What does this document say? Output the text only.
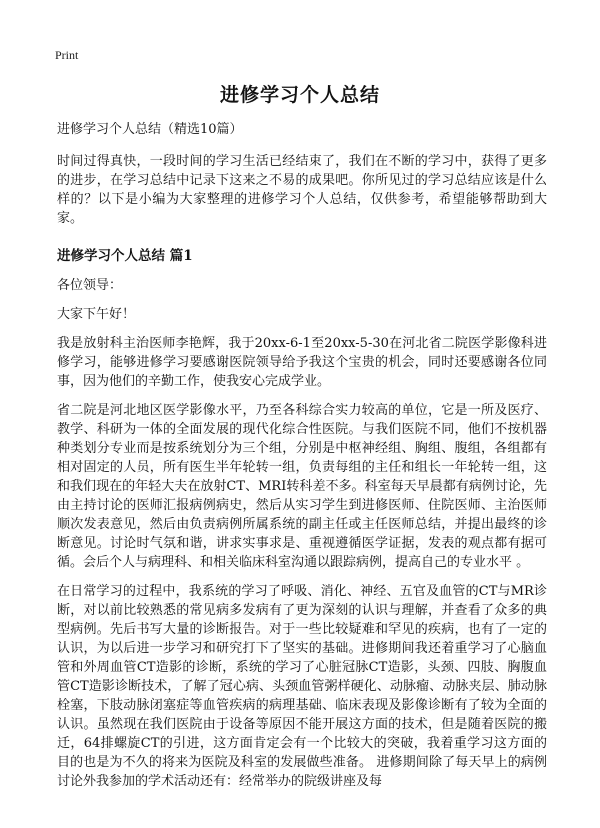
Print
进修学习个人总结

进修学习个人总结（精选10篇）

时间过得真快，一段时间的学习生活已经结束了，我们在不断的学习中，获得了更多的进步，在学习总结中记录下这来之不易的成果吧。你所见过的学习总结应该是什么样的？以下是小编为大家整理的进修学习个人总结，仅供参考，希望能够帮助到大家。

进修学习个人总结 篇1

各位领导：

大家下午好！

我是放射科主治医师李艳辉，我于20xx-6-1至20xx-5-30在河北省二院医学影像科进修学习，能够进修学习要感谢医院领导给予我这个宝贵的机会，同时还要感谢各位同事，因为他们的辛勤工作，使我安心完成学业。

省二院是河北地区医学影像水平，乃至各科综合实力较高的单位，它是一所及医疗、教学、科研为一体的全面发展的现代化综合性医院。与我们医院不同，他们不按机器种类划分专业而是按系统划分为三个组，分别是中枢神经组、胸组、腹组，各组都有相对固定的人员，所有医生半年轮转一组，负责每组的主任和组长一年轮转一组，这和我们现在的年轻大夫在放射CT、MRI转科差不多。科室每天早晨都有病例讨论，先由主持讨论的医师汇报病例病史，然后从实习学生到进修医师、住院医师、主治医师顺次发表意见，然后由负责病例所属系统的副主任或主任医师总结，并提出最终的诊断意见。讨论时气氛和谐，讲求实事求是、重视遵循医学证据，发表的观点都有据可循。会后个人与病理科、和相关临床科室沟通以跟踪病例，提高自己的专业水平 。

在日常学习的过程中，我系统的学习了呼吸、消化、神经、五官及血管的CT与MR诊断，对以前比较熟悉的常见病多发病有了更为深刻的认识与理解，并查看了众多的典型病例。先后书写大量的诊断报告。对于一些比较疑难和罕见的疾病，也有了一定的认识，为以后进一步学习和研究打下了坚实的基础。进修期间我还着重学习了心脑血管和外周血管CT造影的诊断，系统的学习了心脏冠脉CT造影，头颈、四肢、胸腹血管CT造影诊断技术，了解了冠心病、头颈血管粥样硬化、动脉瘤、动脉夹层、肺动脉栓塞，下肢动脉闭塞症等血管疾病的病理基础、临床表现及影像诊断有了较为全面的认识。虽然现在我们医院由于设备等原因不能开展这方面的技术，但是随着医院的搬迁，64排螺旋CT的引进，这方面肯定会有一个比较大的突破，我着重学习这方面的目的也是为不久的将来为医院及科室的发展做些准备。 进修期间除了每天早上的病例讨论外我参加的学术活动还有：经常举办的院级讲座及每
